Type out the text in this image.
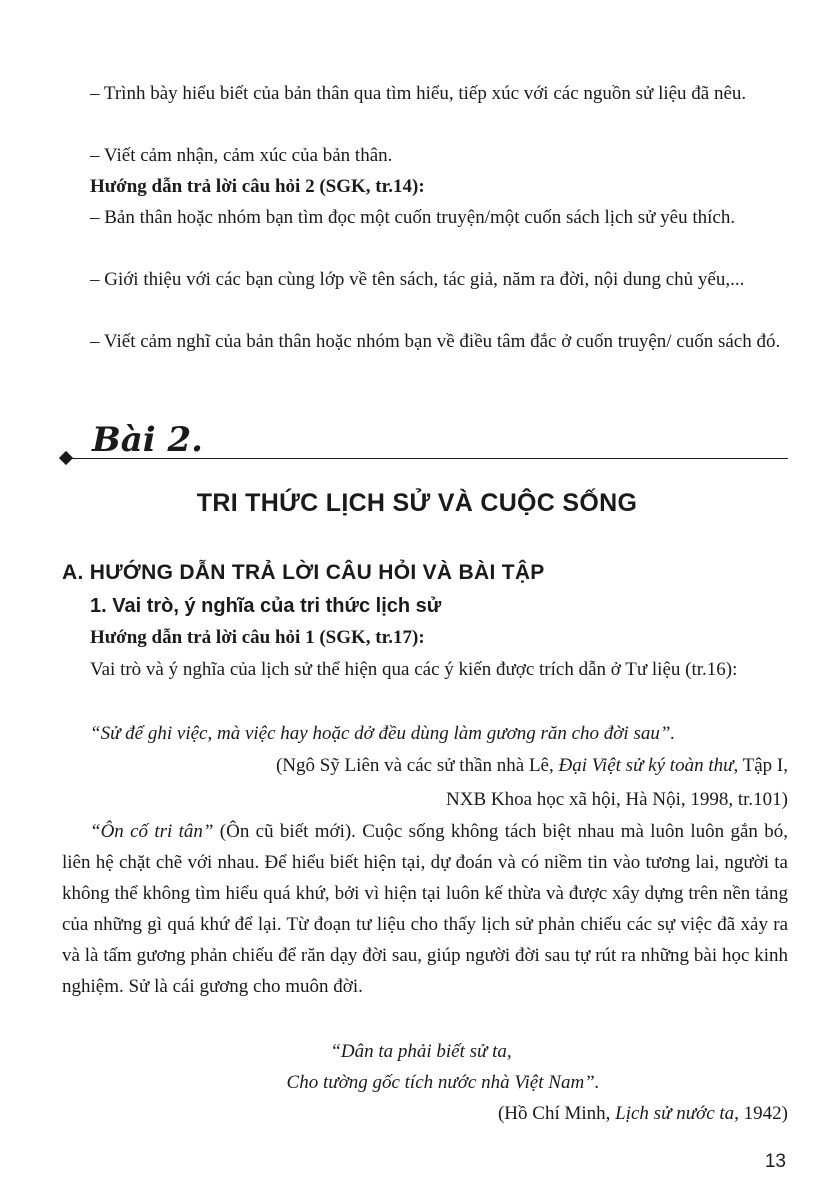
– Trình bày hiểu biết của bản thân qua tìm hiểu, tiếp xúc với các nguồn sử liệu đã nêu.

– Viết cảm nhận, cảm xúc của bản thân.

Hướng dẫn trả lời câu hỏi 2 (SGK, tr.14):

– Bản thân hoặc nhóm bạn tìm đọc một cuốn truyện/một cuốn sách lịch sử yêu thích.

– Giới thiệu với các bạn cùng lớp về tên sách, tác giả, năm ra đời, nội dung chủ yếu,...

– Viết cảm nghĩ của bản thân hoặc nhóm bạn về điều tâm đắc ở cuốn truyện/ cuốn sách đó.

Bài 2.
TRI THỨC LỊCH SỬ VÀ CUỘC SỐNG
A. HƯỚNG DẪN TRẢ LỜI CÂU HỎI VÀ BÀI TẬP
1. Vai trò, ý nghĩa của tri thức lịch sử

Hướng dẫn trả lời câu hỏi 1 (SGK, tr.17):

Vai trò và ý nghĩa của lịch sử thể hiện qua các ý kiến được trích dẫn ở Tư liệu (tr.16):

“Sử để ghi việc, mà việc hay hoặc dở đều dùng làm gương răn cho đời sau”.

(Ngô Sỹ Liên và các sử thần nhà Lê, Đại Việt sử ký toàn thư, Tập I,

NXB Khoa học xã hội, Hà Nội, 1998, tr.101)

“Ôn cố tri tân” (Ôn cũ biết mới). Cuộc sống không tách biệt nhau mà luôn luôn gắn bó, liên hệ chặt chẽ với nhau. Để hiểu biết hiện tại, dự đoán và có niềm tin vào tương lai, người ta không thể không tìm hiểu quá khứ, bởi vì hiện tại luôn kế thừa và được xây dựng trên nền tảng của những gì quá khứ để lại. Từ đoạn tư liệu cho thấy lịch sử phản chiếu các sự việc đã xảy ra và là tấm gương phản chiếu để răn dạy đời sau, giúp người đời sau tự rút ra những bài học kinh nghiệm. Sử là cái gương cho muôn đời.

“Dân ta phải biết sử ta,

Cho tường gốc tích nước nhà Việt Nam”.

(Hồ Chí Minh, Lịch sử nước ta, 1942)

13
